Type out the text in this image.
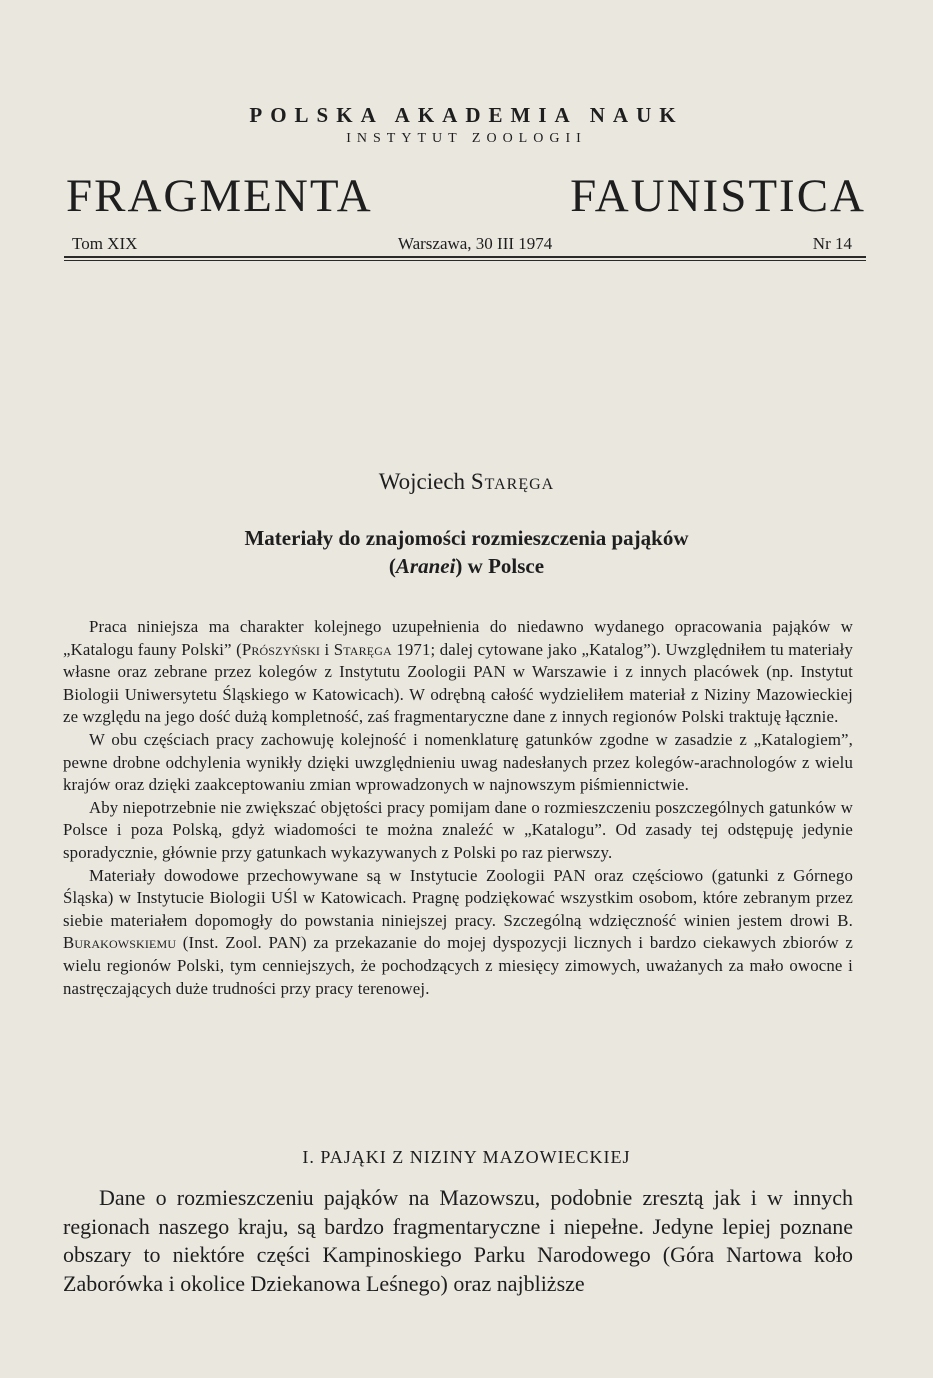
POLSKA AKADEMIA NAUK
INSTYTUT ZOOLOGII
FRAGMENTA FAUNISTICA
Tom XIX	Warszawa, 30 III 1974	Nr 14
Wojciech Staręga
Materiały do znajomości rozmieszczenia pająków
(Aranei) w Polsce

Praca niniejsza ma charakter kolejnego uzupełnienia do niedawno wydanego opracowania pająków w „Katalogu fauny Polski” (Prószyński i Staręga 1971; dalej cytowane jako „Katalog”). Uwzględniłem tu materiały własne oraz zebrane przez kolegów z Instytutu Zoologii PAN w Warszawie i z innych placówek (np. Instytut Biologii Uniwersytetu Śląskiego w Katowicach). W odrębną całość wydzieliłem materiał z Niziny Mazowieckiej ze względu na jego dość dużą kompletność, zaś fragmentaryczne dane z innych regionów Polski traktuję łącznie.

W obu częściach pracy zachowuję kolejność i nomenklaturę gatunków zgodne w zasadzie z „Katalogiem”, pewne drobne odchylenia wynikły dzięki uwzględnieniu uwag nadesłanych przez kolegów-arachnologów z wielu krajów oraz dzięki zaakceptowaniu zmian wprowadzonych w najnowszym piśmiennictwie.

Aby niepotrzebnie nie zwiększać objętości pracy pomijam dane o rozmieszczeniu poszczególnych gatunków w Polsce i poza Polską, gdyż wiadomości te można znaleźć w „Katalogu”. Od zasady tej odstępuję jedynie sporadycznie, głównie przy gatunkach wykazywanych z Polski po raz pierwszy.

Materiały dowodowe przechowywane są w Instytucie Zoologii PAN oraz częściowo (gatunki z Górnego Śląska) w Instytucie Biologii UŚl w Katowicach. Pragnę podziękować wszystkim osobom, które zebranym przez siebie materiałem dopomogły do powstania niniejszej pracy. Szczególną wdzięczność winien jestem drowi B. Burakowskiemu (Inst. Zool. PAN) za przekazanie do mojej dyspozycji licznych i bardzo ciekawych zbiorów z wielu regionów Polski, tym cenniejszych, że pochodzących z miesięcy zimowych, uważanych za mało owocne i nastręczających duże trudności przy pracy terenowej.

I. PAJĄKI Z NIZINY MAZOWIECKIEJ

Dane o rozmieszczeniu pająków na Mazowszu, podobnie zresztą jak i w innych regionach naszego kraju, są bardzo fragmentaryczne i niepełne. Jedyne lepiej poznane obszary to niektóre części Kampinoskiego Parku Narodowego (Góra Nartowa koło Zaborówka i okolice Dziekanowa Leśnego) oraz najbliższe
